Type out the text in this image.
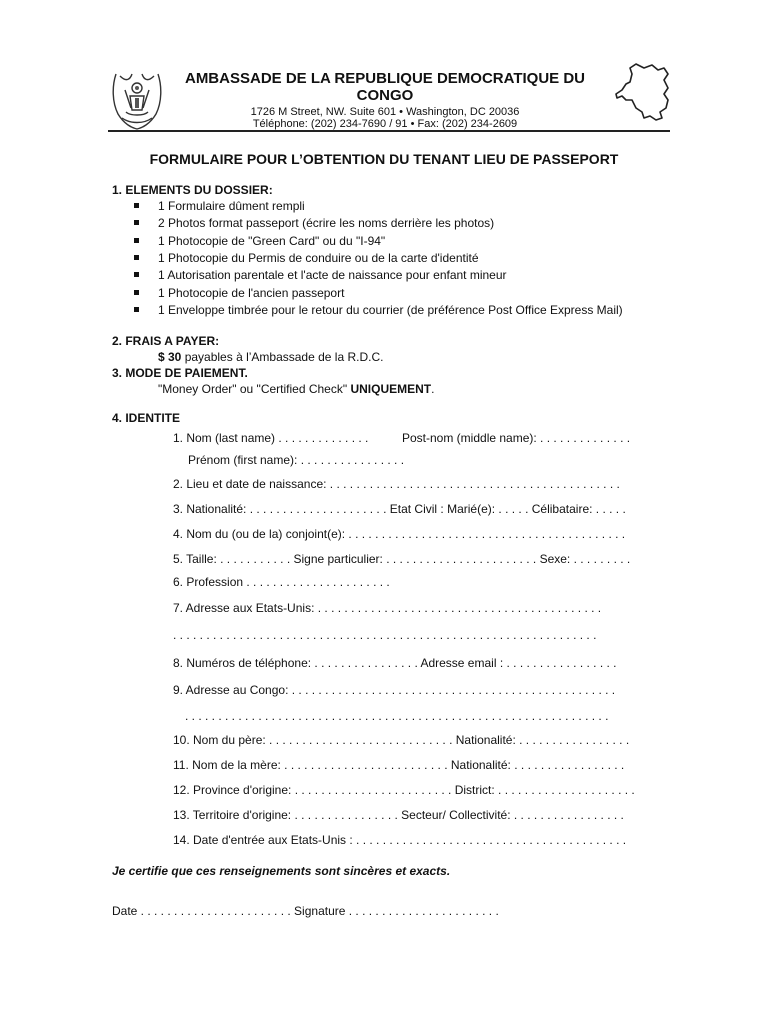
AMBASSADE DE LA REPUBLIQUE DEMOCRATIQUE DU
CONGO
1726 M Street, NW. Suite 601 • Washington, DC 20036
Téléphone: (202) 234-7690 / 91 • Fax: (202) 234-2609
FORMULAIRE POUR L’OBTENTION DU TENANT LIEU DE PASSEPORT
1. ELEMENTS DU DOSSIER:
1 Formulaire dûment rempli
2 Photos format passeport (écrire les noms derrière les photos)
1 Photocopie de "Green Card" ou du "I-94"
1 Photocopie du Permis de conduire ou de la carte d'identité
1 Autorisation parentale et l'acte de naissance pour enfant mineur
1 Photocopie de l'ancien passeport
1 Enveloppe timbrée pour le retour du courrier (de préférence Post Office Express Mail)
2. FRAIS A PAYER:
$ 30 payables à l’Ambassade de la R.D.C.
3. MODE DE PAIEMENT.
"Money Order" ou "Certified Check" UNIQUEMENT.
4. IDENTITE
1. Nom (last name) . . . . . . . . . . . . . .	Post-nom (middle name): . . . . . . . . . . . . . .
Prénom (first name): . . . . . . . . . . . . . . . .
2. Lieu et date de naissance: . . . . . . . . . . . . . . . . . . . . . . . . . . . . . . . . . . . . . . . . . . . .
3. Nationalité: . . . . . . . . . . . . . . . . . . . . . Etat Civil : Marié(e): . . . . . Célibataire: . . . . .
4. Nom du (ou de la) conjoint(e): . . . . . . . . . . . . . . . . . . . . . . . . . . . . . . . . . . . . . . . . . .
5. Taille: . . . . . . . . . . . Signe particulier: . . . . . . . . . . . . . . . . . . . . . . . Sexe: . . . . . . . . .
6. Profession . . . . . . . . . . . . . . . . . . . . . .
7. Adresse aux Etats-Unis: . . . . . . . . . . . . . . . . . . . . . . . . . . . . . . . . . . . . . . . . . . .
. . . . . . . . . . . . . . . . . . . . . . . . . . . . . . . . . . . . . . . . . . . . . . . . . . . . . . . . . . . . . . . .
8. Numéros de téléphone: . . . . . . . . . . . . . . . . Adresse email : . . . . . . . . . . . . . . . . .
9. Adresse au Congo: . . . . . . . . . . . . . . . . . . . . . . . . . . . . . . . . . . . . . . . . . . . . . . . . .
. . . . . . . . . . . . . . . . . . . . . . . . . . . . . . . . . . . . . . . . . . . . . . . . . . . . . . . . . . . . . . . .
10. Nom du père: . . . . . . . . . . . . . . . . . . . . . . . . . . . . Nationalité: . . . . . . . . . . . . . . . . .
11. Nom de la mère: . . . . . . . . . . . . . . . . . . . . . . . . . Nationalité: . . . . . . . . . . . . . . . . .
12. Province d'origine: . . . . . . . . . . . . . . . . . . . . . . . . District: . . . . . . . . . . . . . . . . . . . . .
13. Territoire d'origine: . . . . . . . . . . . . . . . . Secteur/ Collectivité: . . . . . . . . . . . . . . . . .
14. Date d'entrée aux Etats-Unis : . . . . . . . . . . . . . . . . . . . . . . . . . . . . . . . . . . . . . . . . .
Je certifie que ces renseignements sont sincères et exacts.
Date . . . . . . . . . . . . . . . . . . . . . . . Signature . . . . . . . . . . . . . . . . . . . . . . .
